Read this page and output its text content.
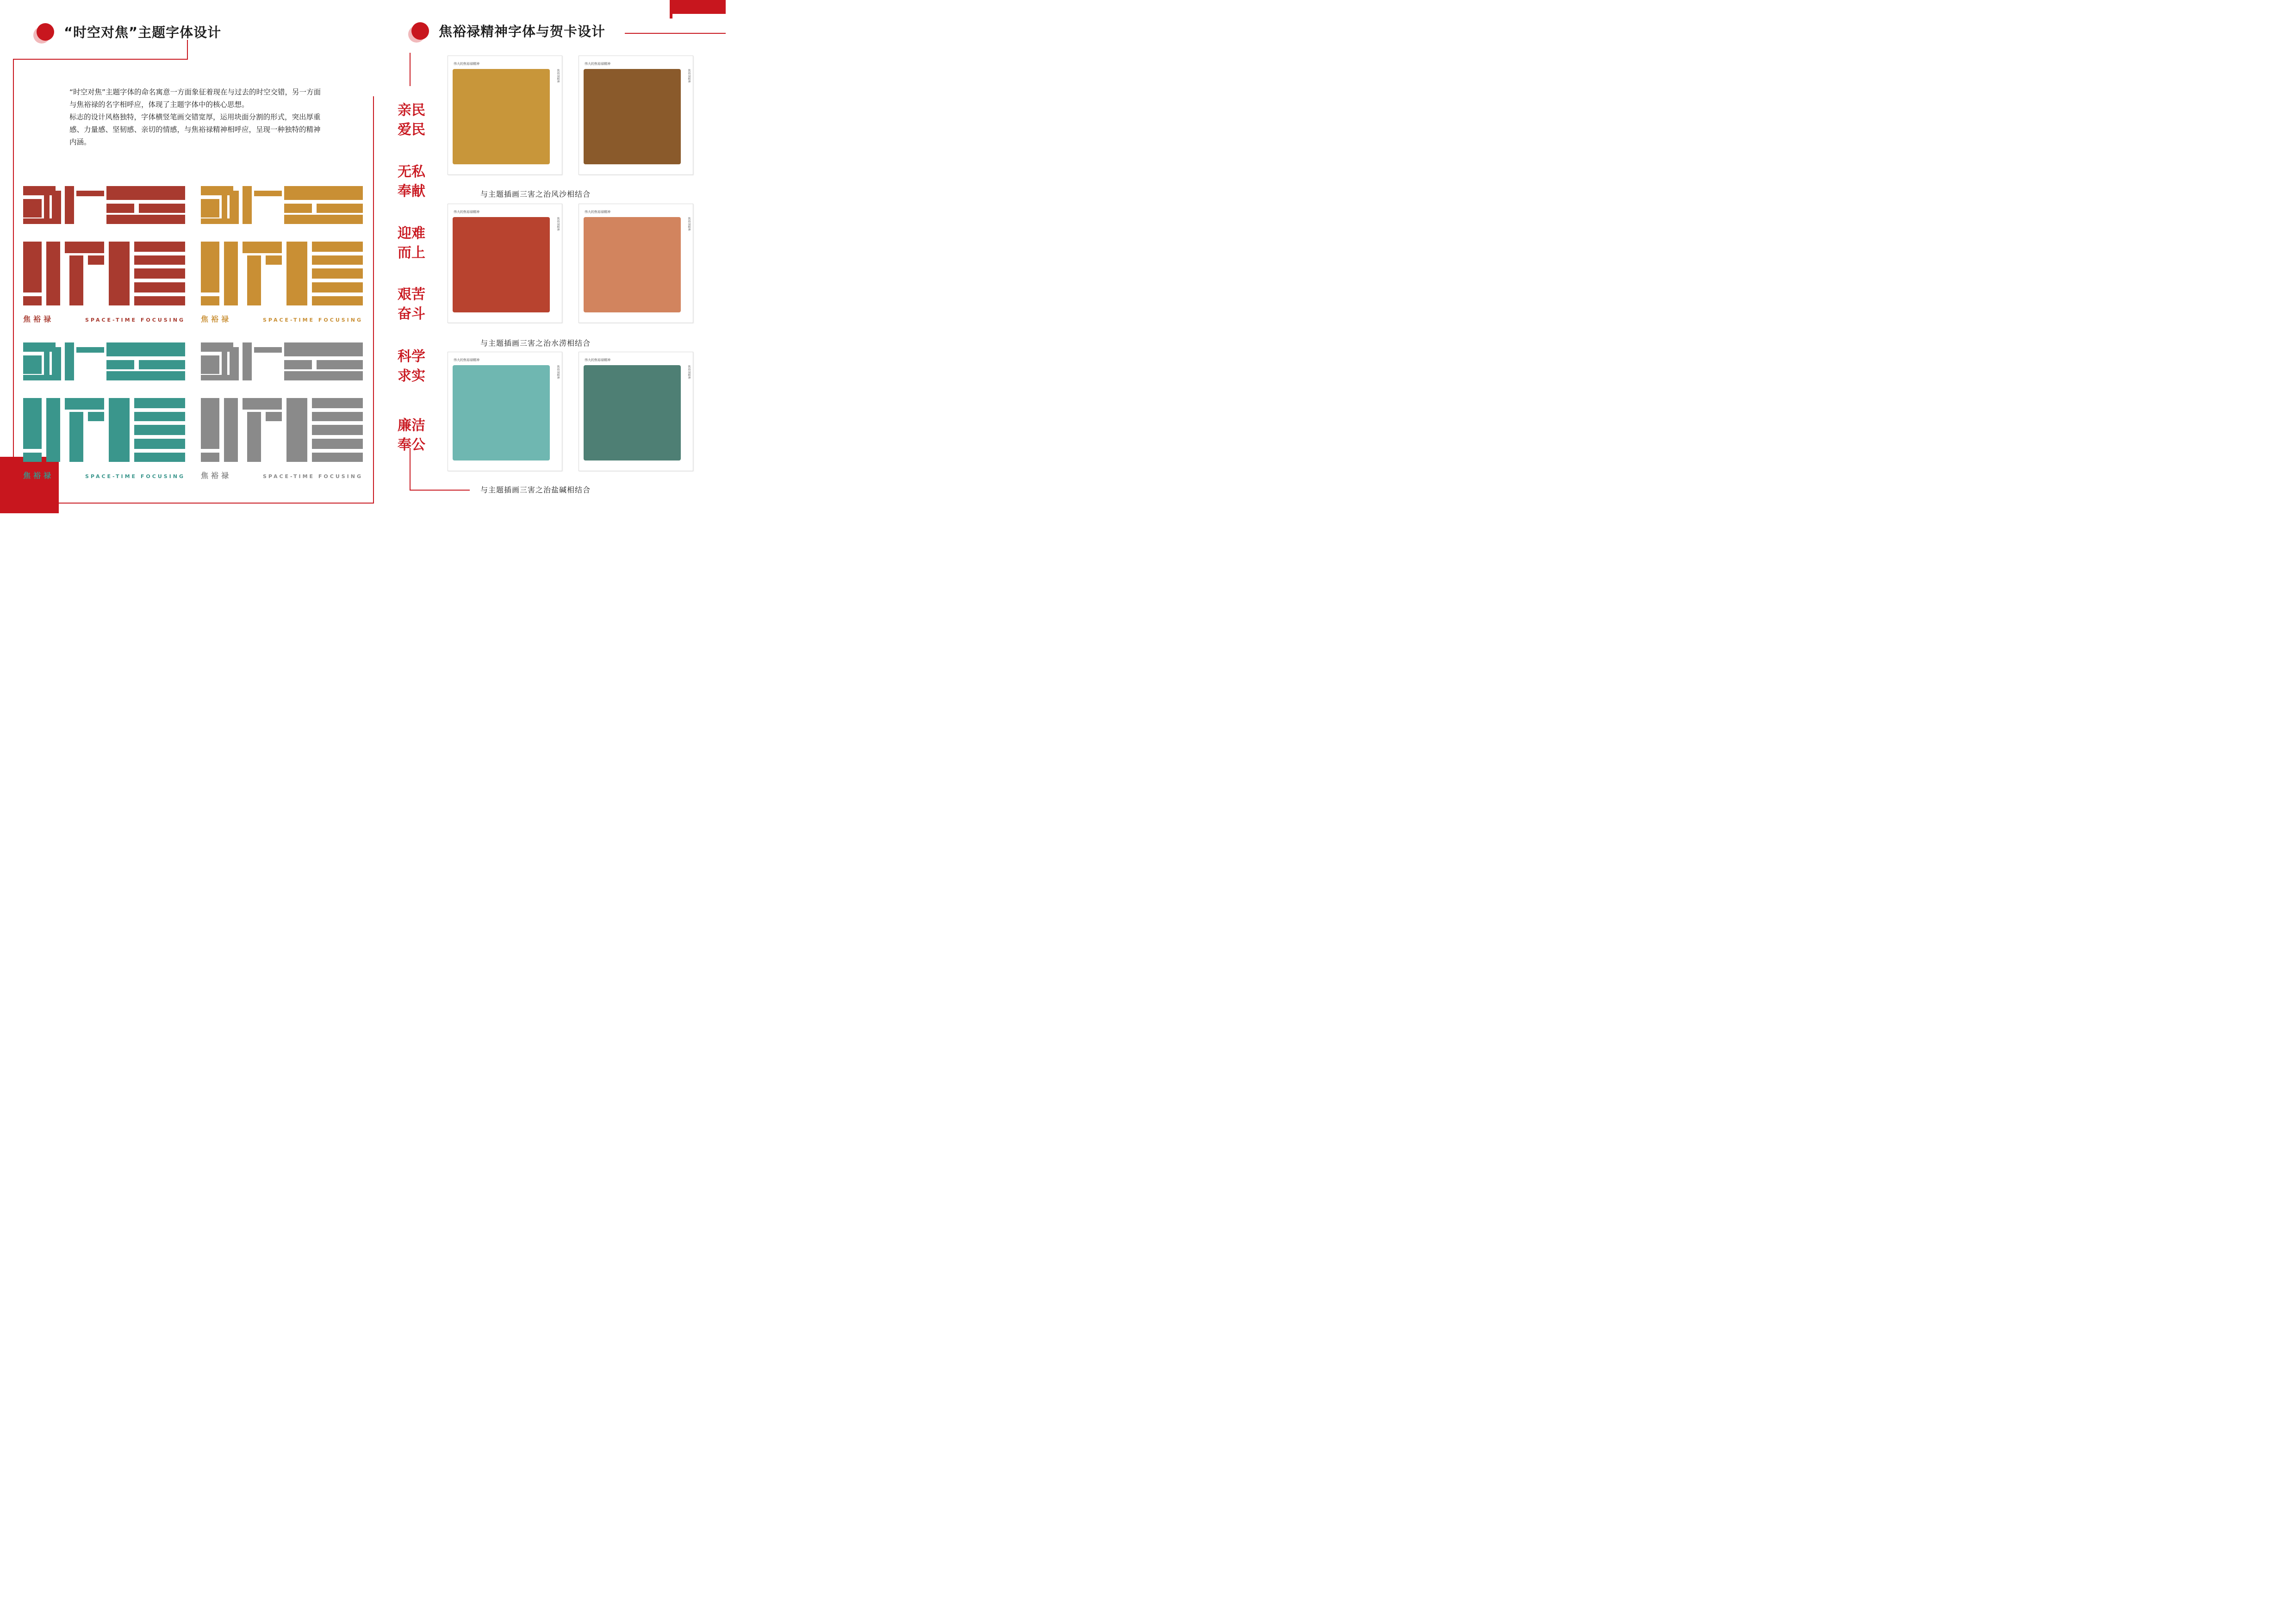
“时空对焦”主题字体设计

“时空对焦”主题字体的命名寓意一方面象征着现在与过去的时空交错，另一方面与焦裕禄的名字相呼应，体现了主题字体中的核心思想。

标志的设计风格独特，字体横竖笔画交错宽厚，运用块面分割的形式，突出厚重感、力量感、坚韧感、亲切的情感，与焦裕禄精神相呼应，呈现一种独特的精神内涵。

焦裕禄	SPACE-TIME FOCUSING 焦裕禄	SPACE-TIME FOCUSING
焦裕禄	SPACE-TIME FOCUSING 焦裕禄	SPACE-TIME FOCUSING
焦裕禄精神字体与贺卡设计
亲民爱民
无私奉献
迎难而上
艰苦奋斗
科学求实
廉洁奉公
伟大的焦裕禄精神
焦裕禄精神
伟大的焦裕禄精神
焦裕禄精神
与主题插画三害之治风沙相结合
伟大的焦裕禄精神
焦裕禄精神
伟大的焦裕禄精神
焦裕禄精神
与主题插画三害之治水涝相结合
伟大的焦裕禄精神
焦裕禄精神
伟大的焦裕禄精神
焦裕禄精神
与主题插画三害之治盐碱相结合
